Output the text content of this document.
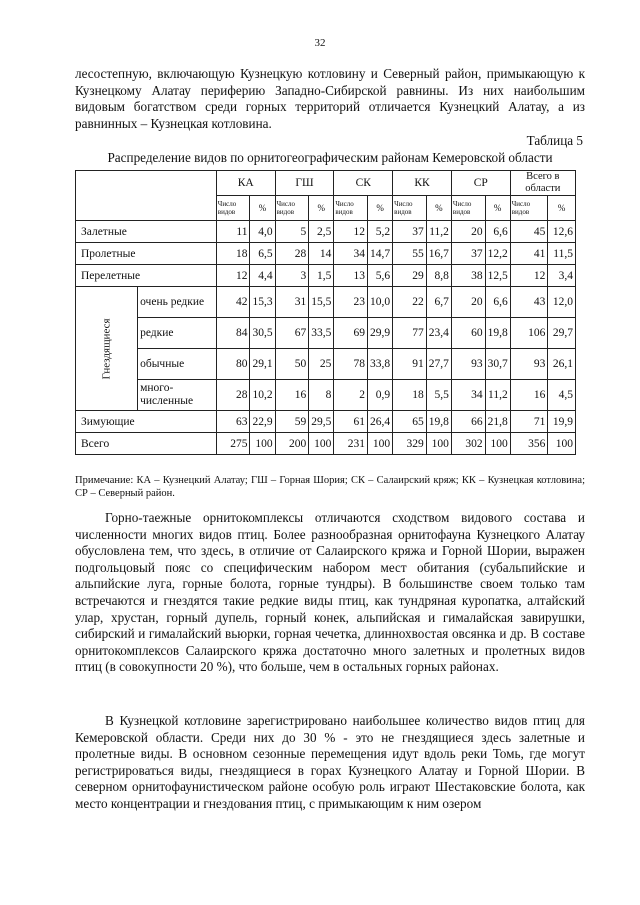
32

лесостепную, включающую Кузнецкую котловину и Северный район, примыкающую к Кузнецкому Алатау периферию Западно-Сибирской равнины. Из них наибольшим видовым богатством среди горных территорий отличается Кузнецкий Алатау, а из равнинных – Кузнецкая котловина.

Таблица 5
Распределение видов по орнитогеографическим районам Кемеровской области
		КА		ГШ		СК		КК		СР		Всего в области	
		Число видов	%	Число видов	%	Число видов	%	Число видов	%	Число видов	%	Число видов	%
Залетные		11	4,0	5	2,5	12	5,2	37	11,2	20	6,6	45	12,6
Пролетные		18	6,5	28	14	34	14,7	55	16,7	37	12,2	41	11,5
Перелетные		12	4,4	3	1,5	13	5,6	29	8,8	38	12,5	12	3,4
Гнездящиеся	очень редкие	42	15,3	31	15,5	23	10,0	22	6,7	20	6,6	43	12,0
	редкие	84	30,5	67	33,5	69	29,9	77	23,4	60	19,8	106	29,7
	обычные	80	29,1	50	25	78	33,8	91	27,7	93	30,7	93	26,1
	много-численные	28	10,2	16	8	2	0,9	18	5,5	34	11,2	16	4,5
Зимующие		63	22,9	59	29,5	61	26,4	65	19,8	66	21,8	71	19,9
Всего		275	100	200	100	231	100	329	100	302	100	356	100

Примечание: КА – Кузнецкий Алатау; ГШ – Горная Шория; СК – Салаирский кряж; КК – Кузнецкая котловина; СР – Северный район.

Горно-таежные орнитокомплексы отличаются сходством видового состава и численности многих видов птиц. Более разнообразная орнитофауна Кузнецкого Алатау обусловлена тем, что здесь, в отличие от Салаирского кряжа и Горной Шории, выражен подгольцовый пояс со специфическим набором мест обитания (субальпийские и альпийские луга, горные болота, горные тундры). В большинстве своем только там встречаются и гнездятся такие редкие виды птиц, как тундряная куропатка, алтайский улар, хрустан, горный дупель, горный конек, альпийская и гималайская завирушки, сибирский и гималайский вьюрки, горная чечетка, длиннохвостая овсянка и др. В составе орнитокомплексов Салаирского кряжа достаточно много залетных и пролетных видов птиц (в совокупности 20 %), что больше, чем в остальных горных районах.

В Кузнецкой котловине зарегистрировано наибольшее количество видов птиц для Кемеровской области. Среди них до 30 % - это не гнездящиеся здесь залетные и пролетные виды. В основном сезонные перемещения идут вдоль реки Томь, где могут регистрироваться виды, гнездящиеся в горах Кузнецкого Алатау и Горной Шории. В северном орнитофаунистическом районе особую роль играют Шестаковские болота, как место концентрации и гнездования птиц, с примыкающим к ним озером
